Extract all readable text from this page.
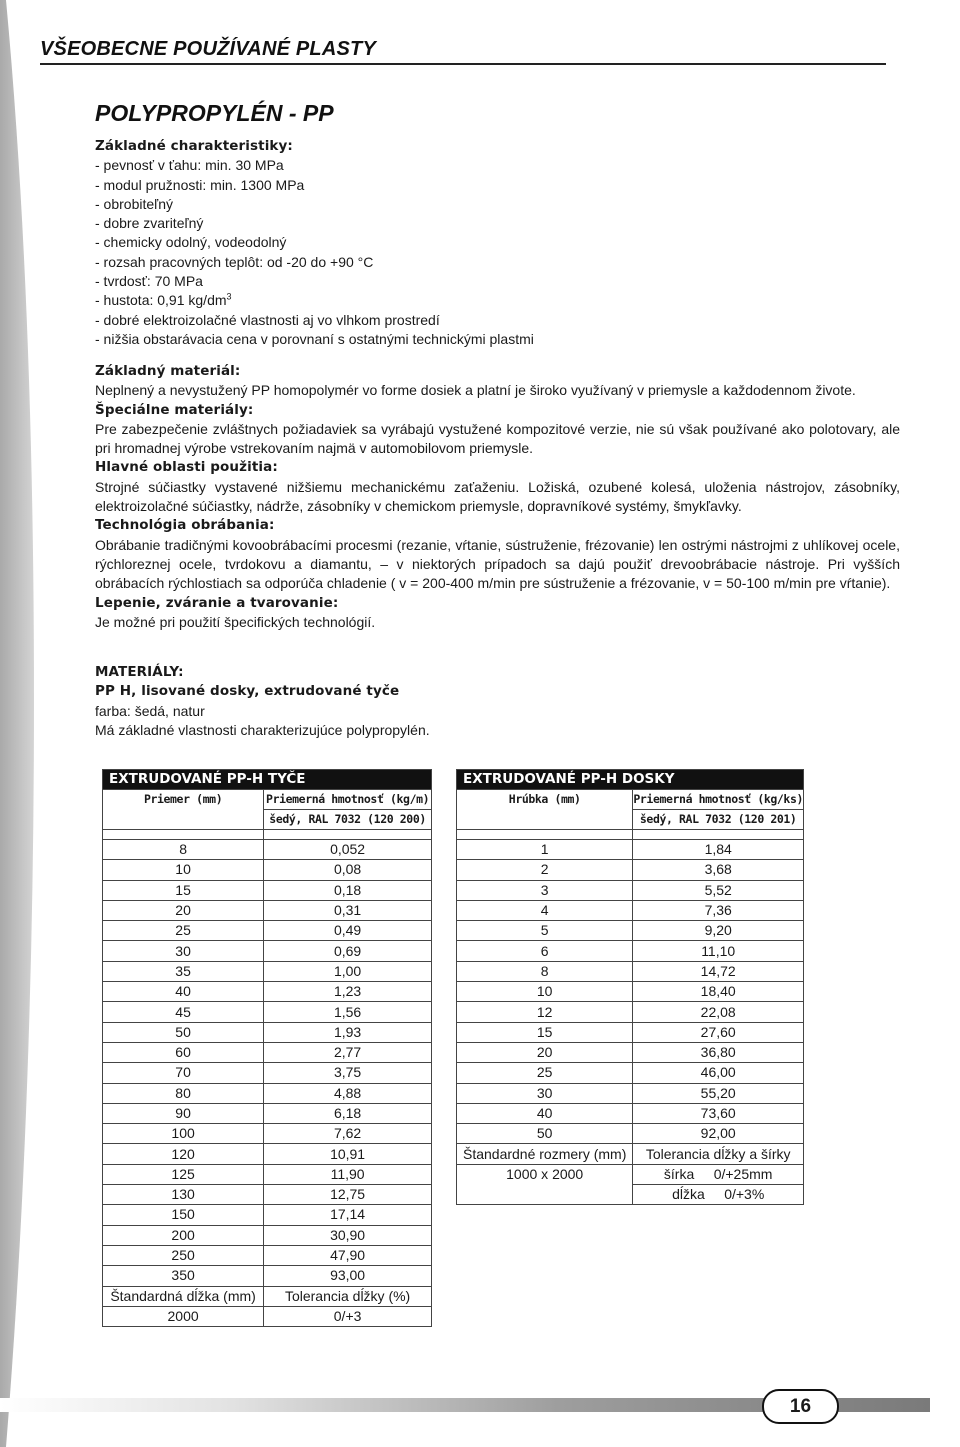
VŠEOBECNE POUŽÍVANÉ PLASTY
POLYPROPYLÉN - PP
Základné charakteristiky:
- pevnosť v ťahu: min. 30 MPa
- modul pružnosti: min. 1300 MPa
- obrobiteľný
- dobre zvariteľný
- chemicky odolný, vodeodolný
- rozsah pracovných teplôt: od -20 do +90 °C
- tvrdosť: 70 MPa
- hustota: 0,91 $kg/dm^3$
- dobré elektroizolačné vlastnosti aj vo vlhkom prostredí
- nižšia obstarávacia cena v porovnaní s ostatnými technickými plastmi
Základný materiál:
Neplnený a nevystužený PP homopolymér vo forme dosiek a platní je široko využívaný v priemysle a každodennom živote.
Špeciálne materiály:
Pre zabezpečenie zvláštnych požiadaviek sa vyrábajú vystužené kompozitové verzie, nie sú však používané ako polotovary, ale pri hromadnej výrobe vstrekovaním najmä v automobilovom priemysle.
Hlavné oblasti použitia:
Strojné súčiastky vystavené nižšiemu mechanickému zaťaženiu. Ložiská, ozubené kolesá, uloženia nástrojov, zásobníky, elektroizolačné súčiastky, nádrže, zásobníky v chemickom priemysle, dopravníkové systémy, šmykľavky.
Technológia obrábania:
Obrábanie tradičnými kovoobrábacími procesmi (rezanie, vŕtanie, sústruženie, frézovanie) len ostrými nástrojmi z uhlíkovej ocele, rýchloreznej ocele, tvrdokovu a diamantu, – v niektorých prípadoch sa dajú použiť drevoobrábacie nástroje. Pri vyšších obrábacích rýchlostiach sa odporúča chladenie ( v = 200-400 m/min pre sústruženie a frézovanie, v = 50-100 m/min pre vŕtanie).
Lepenie, zváranie a tvarovanie:
Je možné pri použití špecifických technológií.
MATERIÁLY:
PP H, lisované dosky, extrudované tyče
farba: šedá, natur
Má základné vlastnosti charakterizujúce polypropylén.
EXTRUDOVANÉ PP-H TYČE	
Priemer (mm)	Priemerná hmotnosť (kg/m)
	šedý, RAL 7032 (120 200)

8	0,052
10	0,08
15	0,18
20	0,31
25	0,49
30	0,69
35	1,00
40	1,23
45	1,56
50	1,93
60	2,77
70	3,75
80	4,88
90	6,18
100	7,62
120	10,91
125	11,90
130	12,75
150	17,14
200	30,90
250	47,90
350	93,00
Štandardná dĺžka (mm)	Tolerancia dĺžky (%)
2000	0/+3
EXTRUDOVANÉ PP-H DOSKY	
Hrúbka (mm)	Priemerná hmotnosť (kg/ks)
	šedý, RAL 7032 (120 201)

1	1,84
2	3,68
3	5,52
4	7,36
5	9,20
6	11,10
8	14,72
10	18,40
12	22,08
15	27,60
20	36,80
25	46,00
30	55,20
40	73,60
50	92,00
Štandardné rozmery (mm)	Tolerancia dĺžky a šírky
1000 x 2000	šírka     0/+25mm
	dĺžka     0/+3%
16
